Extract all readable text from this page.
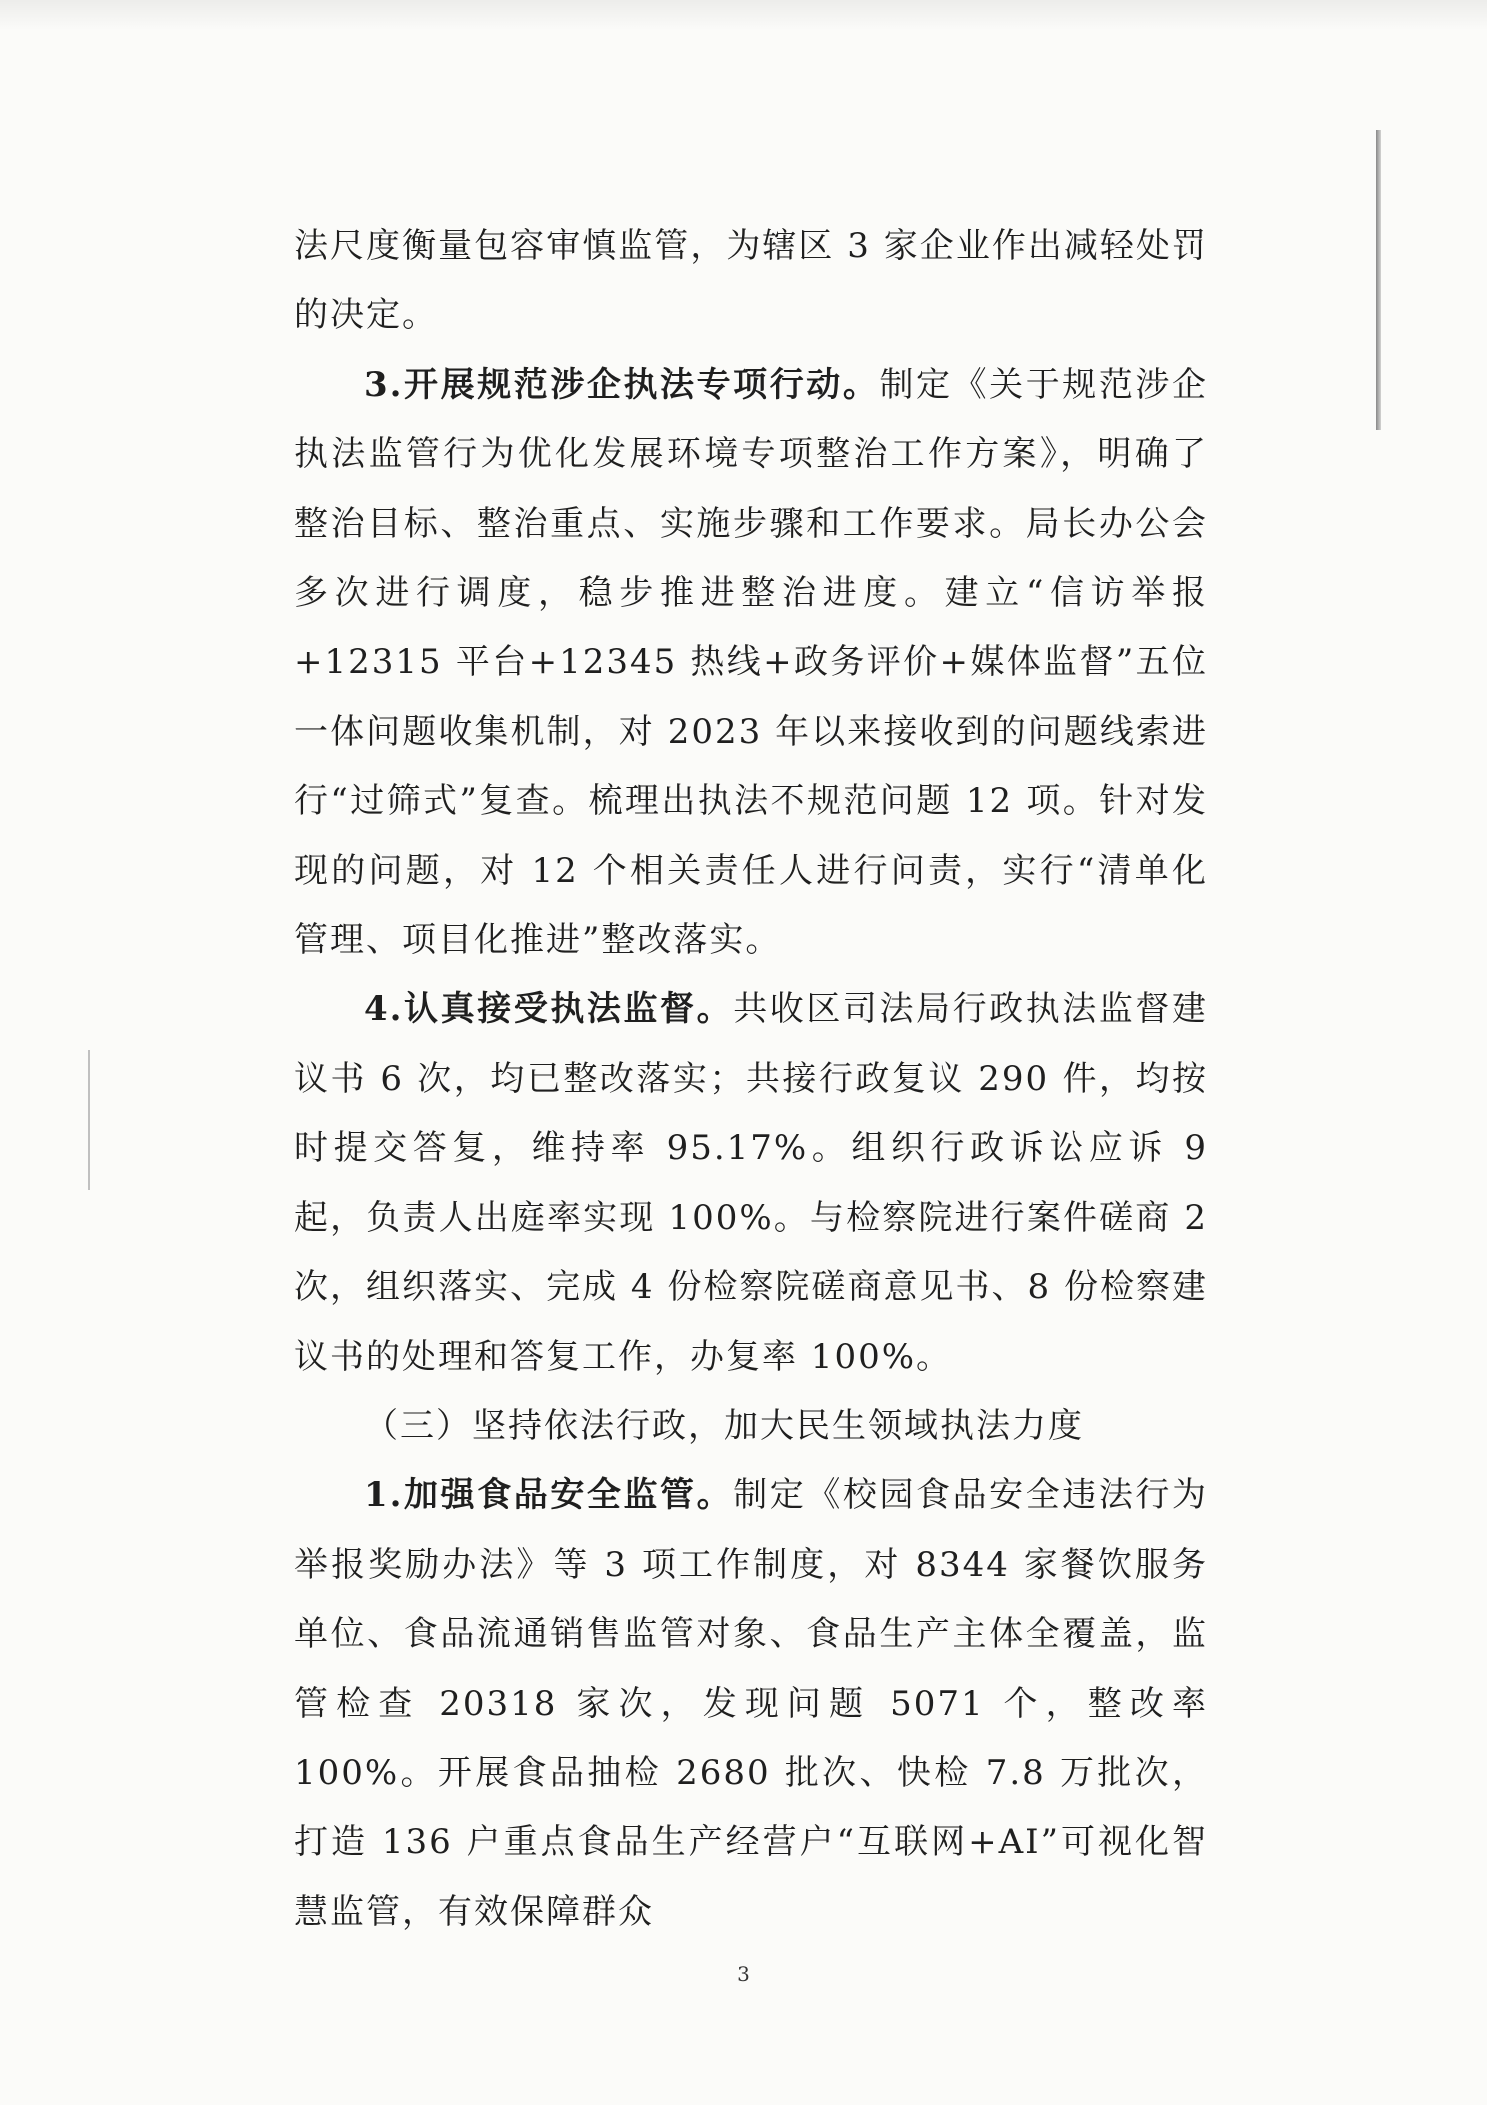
法尺度衡量包容审慎监管，为辖区 3 家企业作出减轻处罚的决定。

3.开展规范涉企执法专项行动。制定《关于规范涉企执法监管行为优化发展环境专项整治工作方案》，明确了整治目标、整治重点、实施步骤和工作要求。局长办公会多次进行调度，稳步推进整治进度。建立“信访举报+12315 平台+12345 热线+政务评价+媒体监督”五位一体问题收集机制，对 2023 年以来接收到的问题线索进行“过筛式”复查。梳理出执法不规范问题 12 项。针对发现的问题，对 12 个相关责任人进行问责，实行“清单化管理、项目化推进”整改落实。

4.认真接受执法监督。共收区司法局行政执法监督建议书 6 次，均已整改落实；共接行政复议 290 件，均按时提交答复，维持率 95.17%。组织行政诉讼应诉 9 起，负责人出庭率实现 100%。与检察院进行案件磋商 2 次，组织落实、完成 4 份检察院磋商意见书、8 份检察建议书的处理和答复工作，办复率 100%。

（三）坚持依法行政，加大民生领域执法力度

1.加强食品安全监管。制定《校园食品安全违法行为举报奖励办法》等 3 项工作制度，对 8344 家餐饮服务单位、食品流通销售监管对象、食品生产主体全覆盖，监管检查 20318 家次，发现问题 5071 个，整改率 100%。开展食品抽检 2680 批次、快检 7.8 万批次，打造 136 户重点食品生产经营户“互联网+AI”可视化智慧监管，有效保障群众

3
